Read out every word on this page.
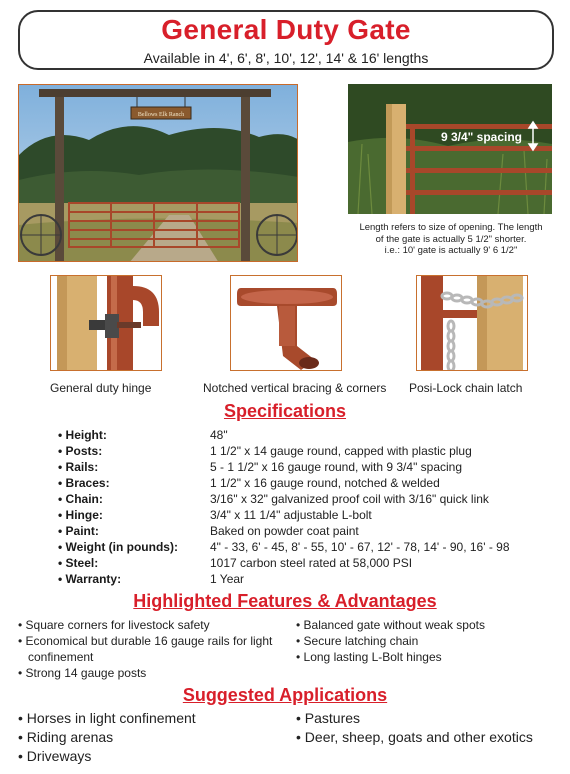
General Duty Gate
Available in 4', 6', 8', 10', 12', 14' & 16' lengths
Bellows Elk Ranch
9 3/4" spacing
Length refers to size of opening. The length
of the gate is actually 5 1/2" shorter.
i.e.: 10' gate is actually 9' 6 1/2"
General duty hinge	Notched vertical bracing & corners Posi-Lock chain latch
Specifications
• Height:	48"
• Posts:	1 1/2" x 14 gauge round, capped with plastic plug
• Rails:	5 - 1 1/2" x 16 gauge round, with 9 3/4" spacing
• Braces:	1 1/2" x 16 gauge round, notched & welded
• Chain:	3/16" x 32" galvanized proof coil with 3/16" quick link
• Hinge:	3/4" x 11 1/4" adjustable L-bolt
• Paint:	Baked on powder coat paint
• Weight (in pounds):	4" - 33, 6' - 45, 8' - 55, 10' - 67, 12' - 78, 14' - 90, 16' - 98
• Steel:	1017 carbon steel rated at 58,000 PSI
• Warranty:	1 Year
Highlighted Features & Advantages
• Square corners for livestock safety
• Economical but durable 16 gauge rails for light confinement
• Strong 14 gauge posts
• Balanced gate without weak spots
• Secure latching chain
• Long lasting L-Bolt hinges
Suggested Applications
• Horses in light confinement
• Riding arenas
• Driveways
• Pastures
• Deer, sheep, goats and other exotics
